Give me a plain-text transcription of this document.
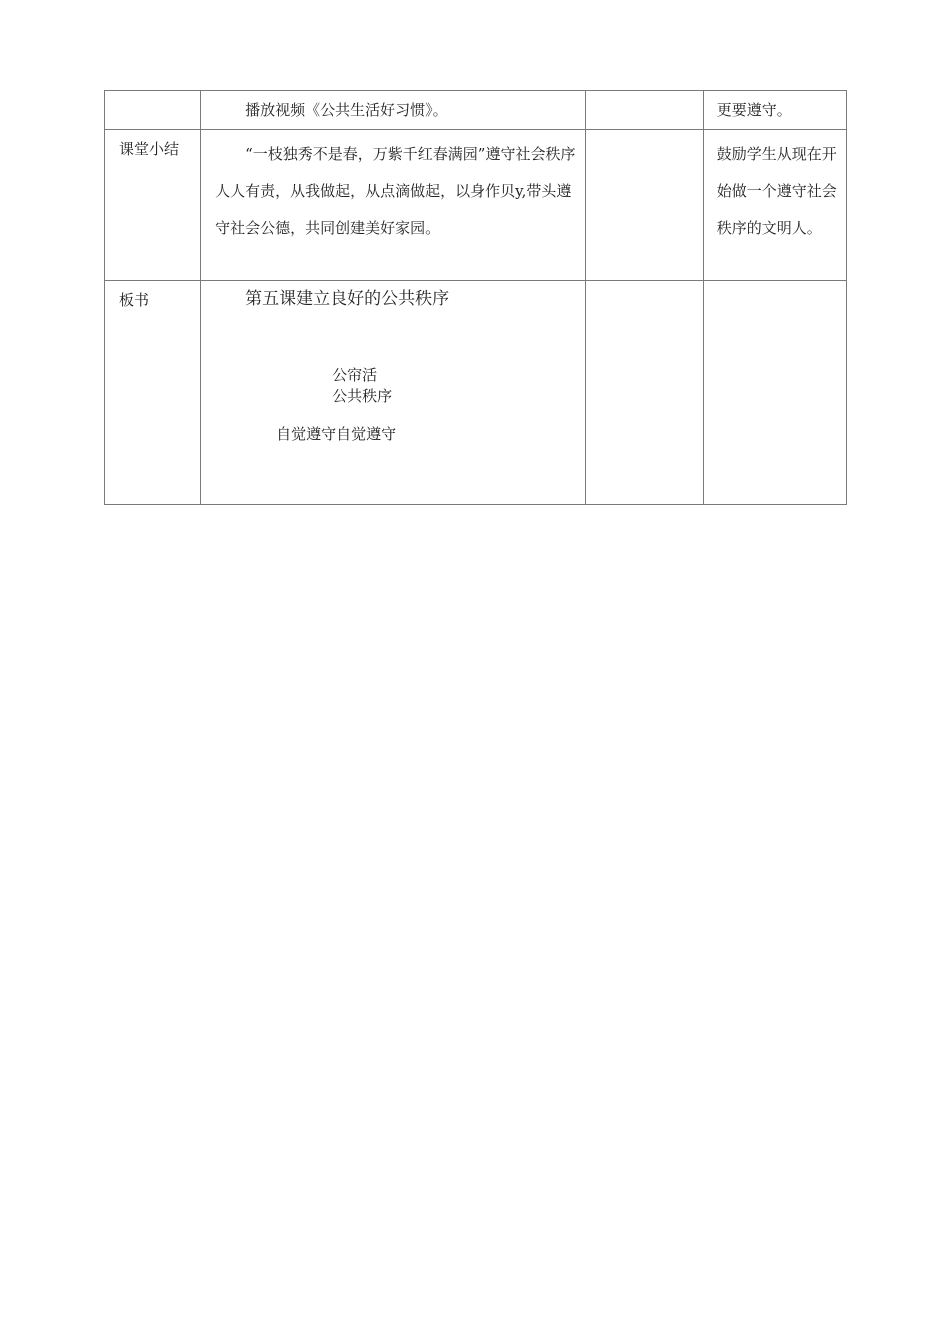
	播放视频《公共生活好习惯》。		更要遵守。

课堂小结	“一枝独秀不是春，万紫千红春满园”遵守社会秩序人人有责，从我做起，从点滴做起，以身作贝y,带头遵守社会公德，共同创建美好家园。		鼓励学生从现在开始做一个遵守社会秩序的文明人。

板书	第五课建立良好的公共秩序
公帘活
公共秩序
自觉遵守自觉遵守		
